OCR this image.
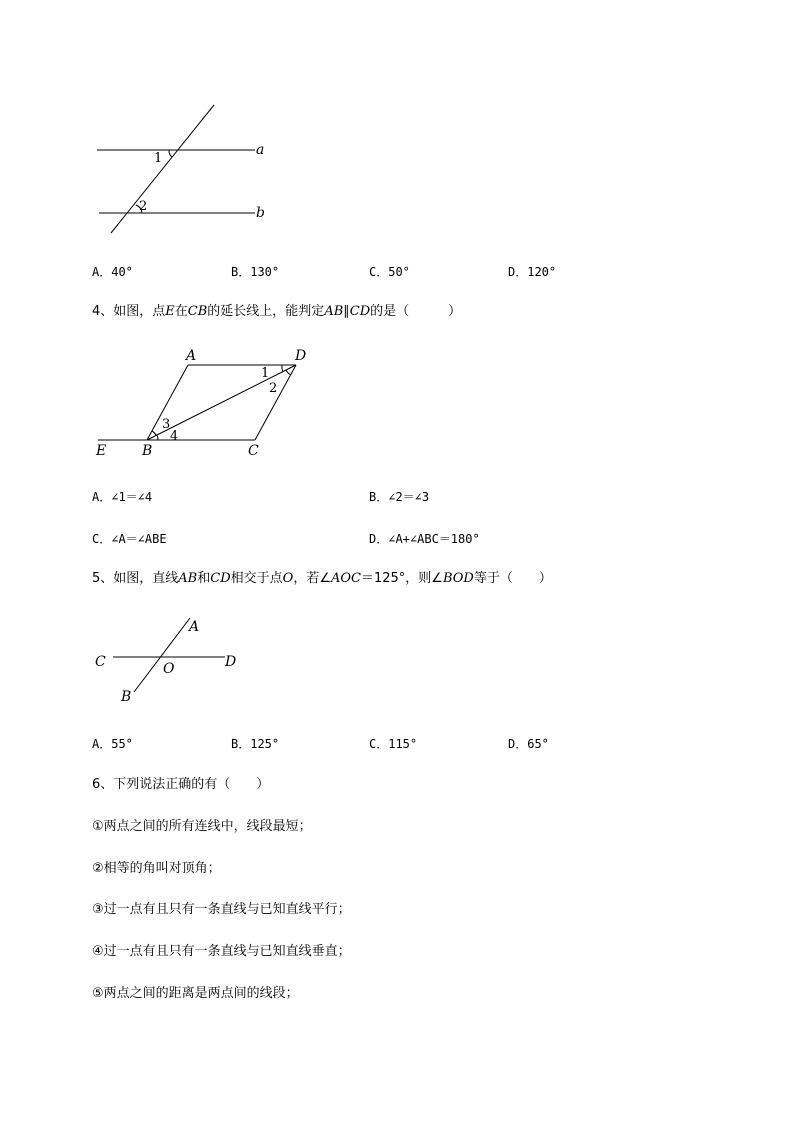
1
2
a
b
A．40°	B．130°	C．50°	D．120°
4、如图，点E在CB的延长线上，能判定AB∥CD的是（　　　）
A	D
E	B	C
1
2
3
4
A．∠1＝∠4	B．∠2＝∠3
C．∠A＝∠ABE	D．∠A+∠ABC＝180°
5、如图，直线AB和CD相交于点O，若∠AOC＝125°，则∠BOD等于（　　）
A
C	O	D
B
A．55°	B．125°	C．115°	D．65°
6、下列说法正确的有（　　）
①两点之间的所有连线中，线段最短；
②相等的角叫对顶角；
③过一点有且只有一条直线与已知直线平行；
④过一点有且只有一条直线与已知直线垂直；
⑤两点之间的距离是两点间的线段；
